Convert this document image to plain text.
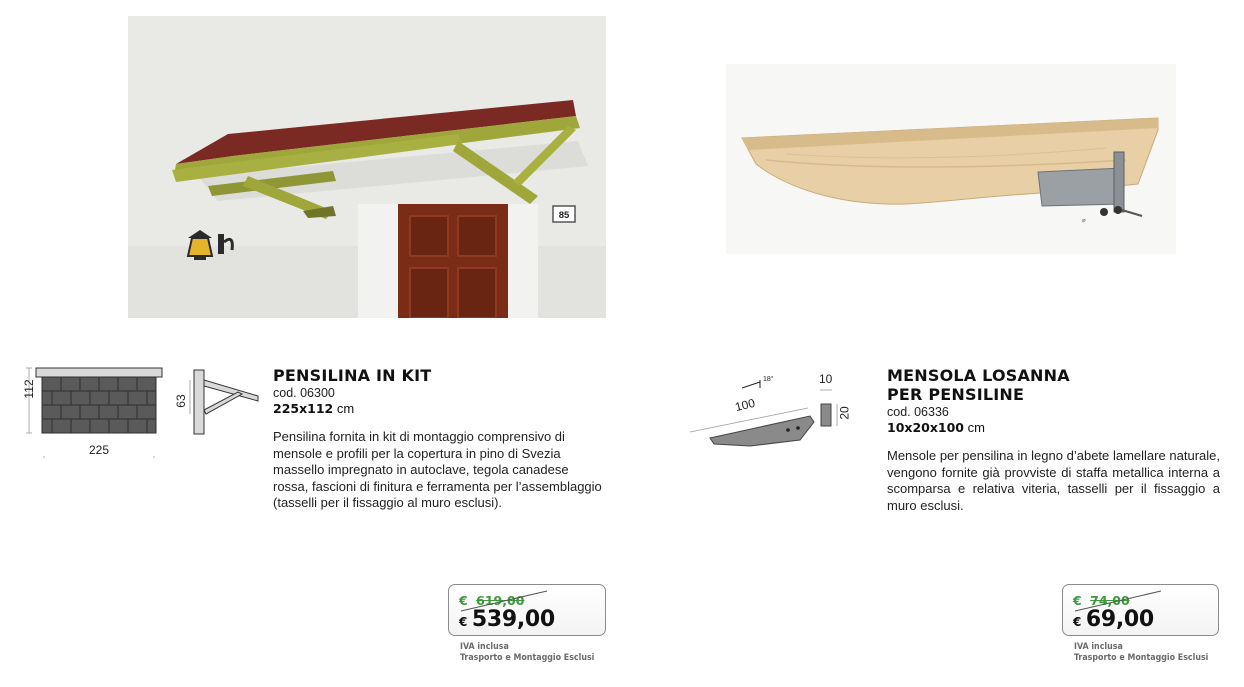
85	⌀
112
225
63
PENSILINA IN KIT
cod. 06300
225x112 cm
Pensilina fornita in kit di montaggio comprensivo di mensole e profili per la copertura in pino di Svezia massello impregnato in autoclave, tegola canadese rossa, fascioni di finitura e ferramenta per l’assemblaggio (tasselli per il fissaggio al muro esclusi).
€ 619,00
€ 539,00
IVA inclusa
Trasporto e Montaggio Esclusi
100
18°	10
20
MENSOLA LOSANNA
PER PENSILINE
cod. 06336
10x20x100 cm
Mensole per pensilina in legno d’abete lamellare naturale, vengono fornite già provviste di staffa metallica interna a scomparsa e relativa viteria, tasselli per il fissaggio a muro esclusi.
€ 74,00
€ 69,00
IVA inclusa
Trasporto e Montaggio Esclusi
